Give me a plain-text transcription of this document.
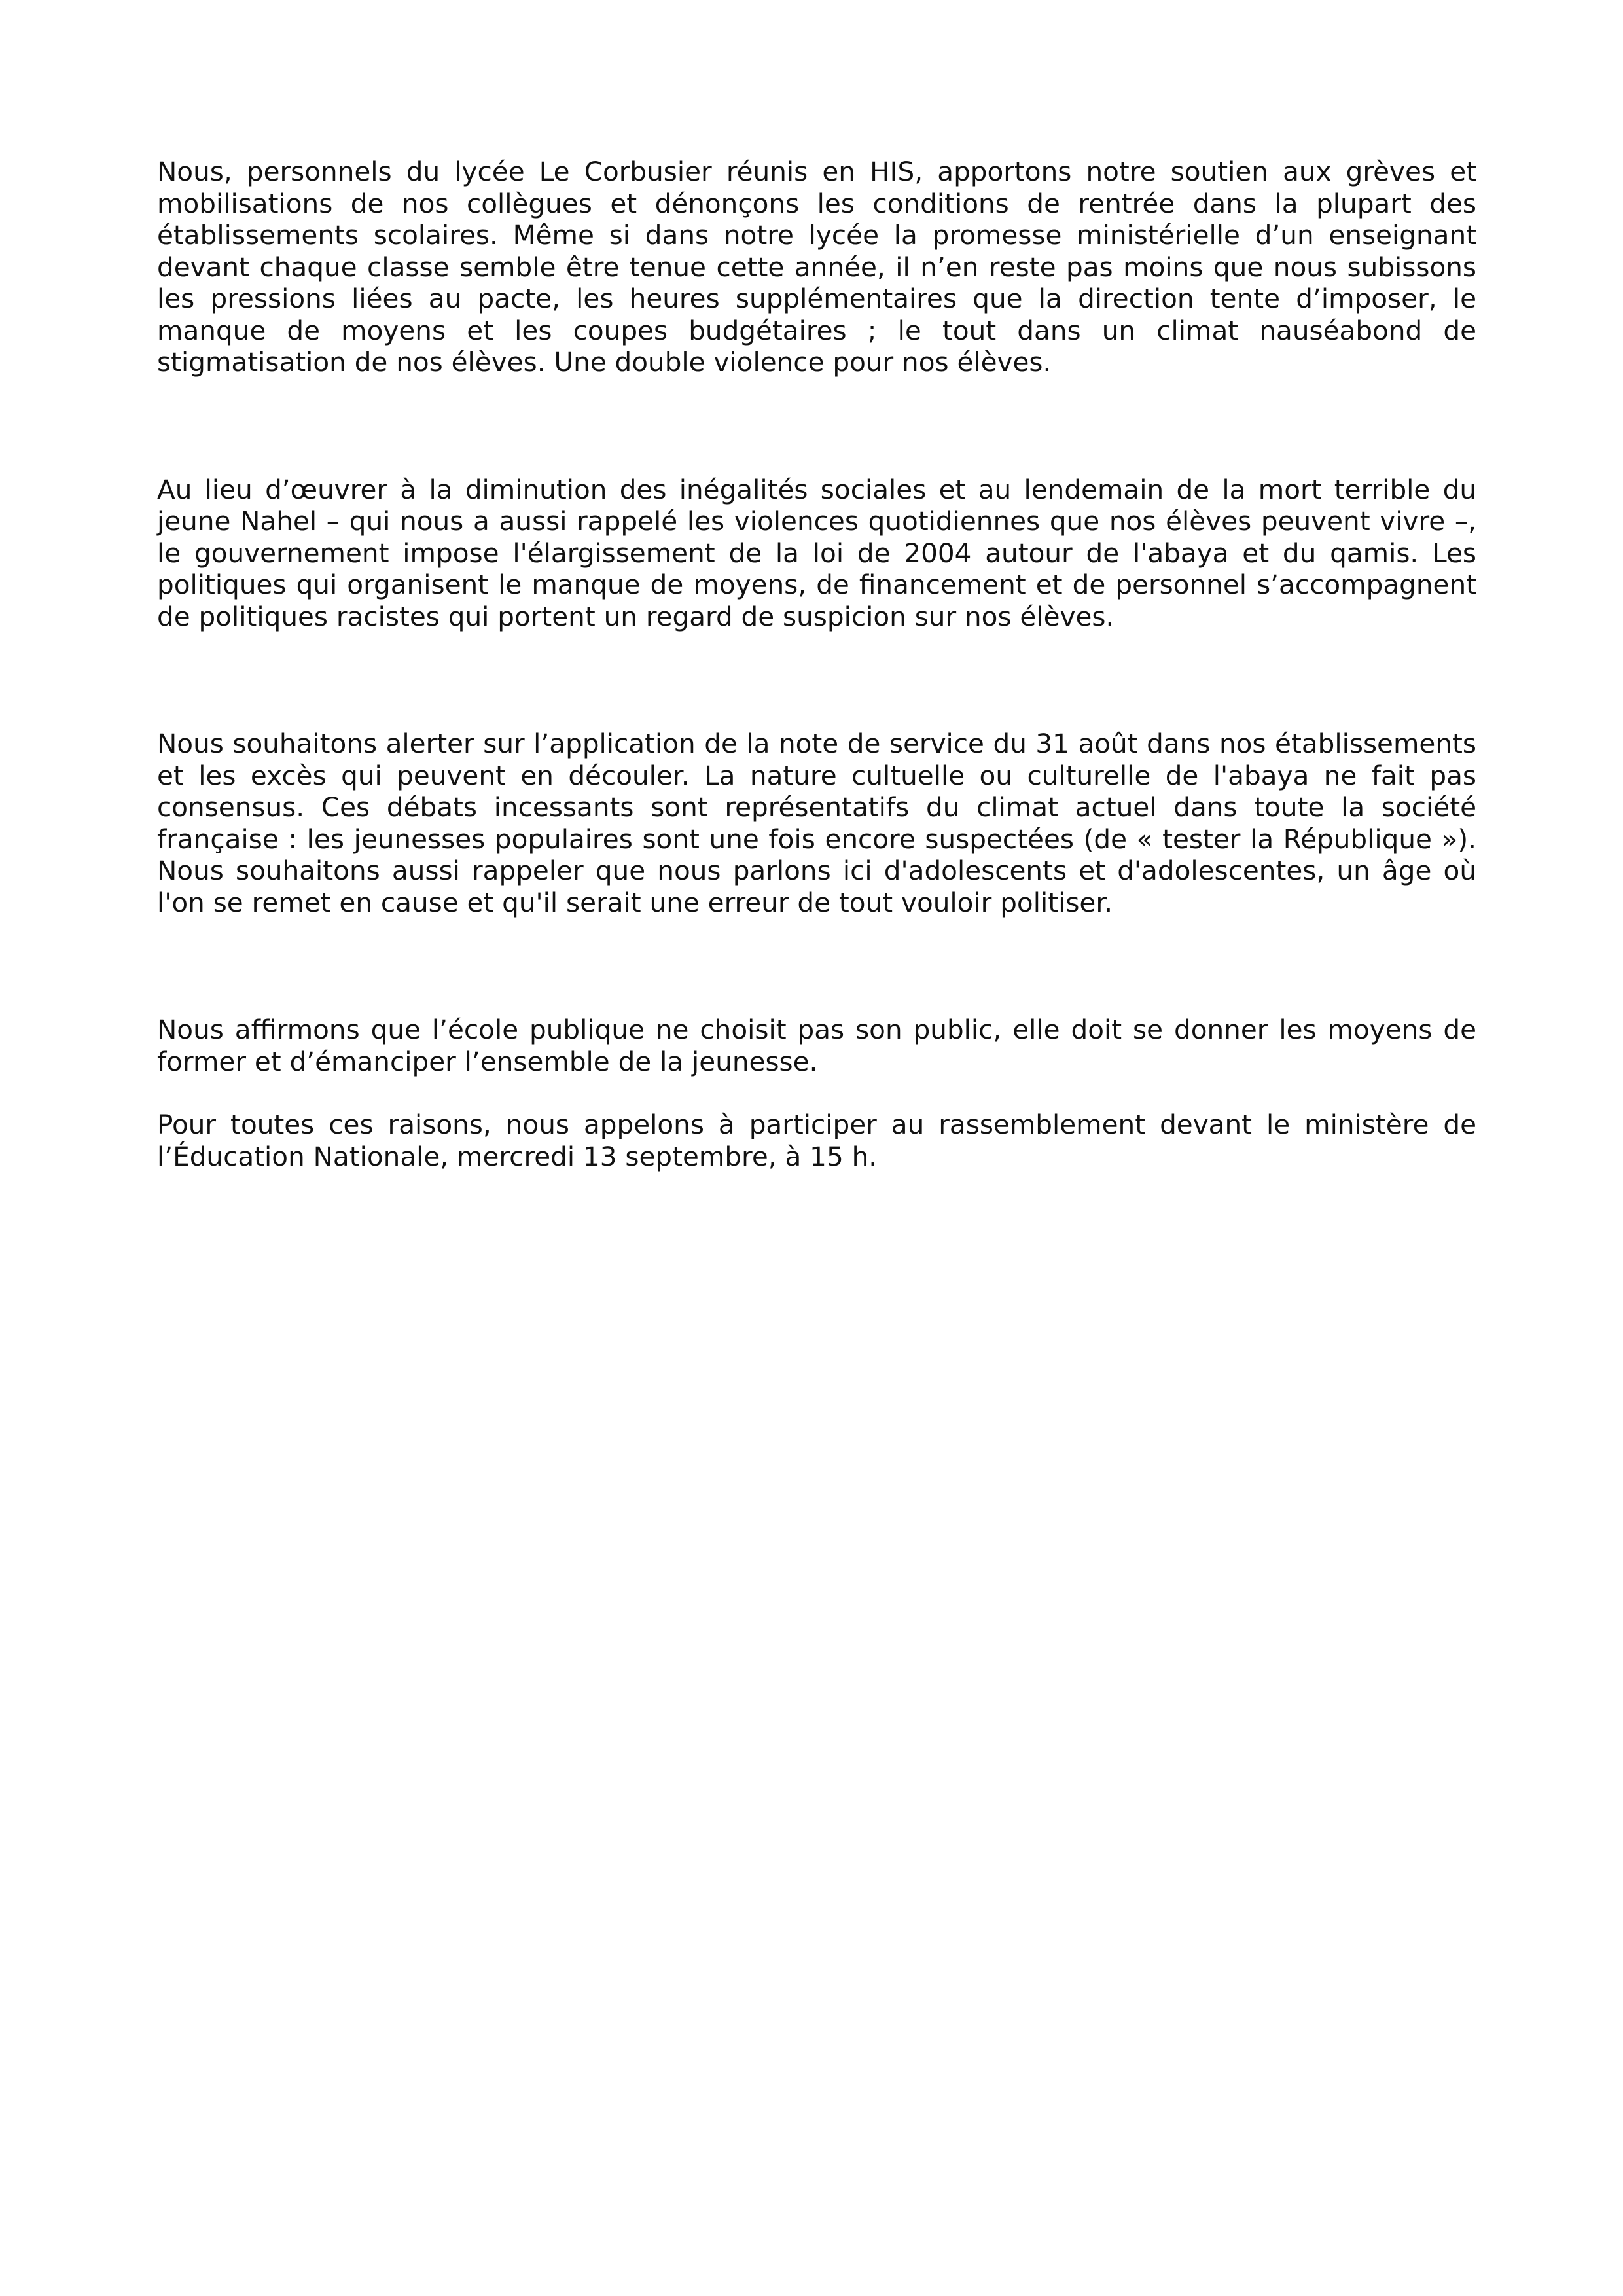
Nous, personnels du lycée Le Corbusier réunis en HIS, apportons notre soutien aux grèves et mobilisations de nos collègues et dénonçons les conditions de rentrée dans la plupart des établissements scolaires. Même si dans notre lycée la promesse ministérielle d’un enseignant devant chaque classe semble être tenue cette année, il n’en reste pas moins que nous subissons les pressions liées au pacte, les heures supplémentaires que la direction tente d’imposer, le manque de moyens et les coupes budgétaires ; le tout dans un climat nauséabond de stigmatisation de nos élèves. Une double violence pour nos élèves.

Au lieu d’œuvrer à la diminution des inégalités sociales et au lendemain de la mort terrible du jeune Nahel – qui nous a aussi rappelé les violences quotidiennes que nos élèves peuvent vivre –, le gouvernement impose l'élargissement de la loi de 2004 autour de l'abaya et du qamis. Les politiques qui organisent le manque de moyens, de financement et de personnel s’accompagnent de politiques racistes qui portent un regard de suspicion sur nos élèves.

Nous souhaitons alerter sur l’application de la note de service du 31 août dans nos établissements et les excès qui peuvent en découler. La nature cultuelle ou culturelle de l'abaya ne fait pas consensus. Ces débats incessants sont représentatifs du climat actuel dans toute la société française : les jeunesses populaires sont une fois encore suspectées (de « tester la République »). Nous souhaitons aussi rappeler que nous parlons ici d'adolescents et d'adolescentes, un âge où l'on se remet en cause et qu'il serait une erreur de tout vouloir politiser.

Nous affirmons que l’école publique ne choisit pas son public, elle doit se donner les moyens de former et d’émanciper l’ensemble de la jeunesse.

Pour toutes ces raisons, nous appelons à participer au rassemblement devant le ministère de l’Éducation Nationale, mercredi 13 septembre, à 15 h.
